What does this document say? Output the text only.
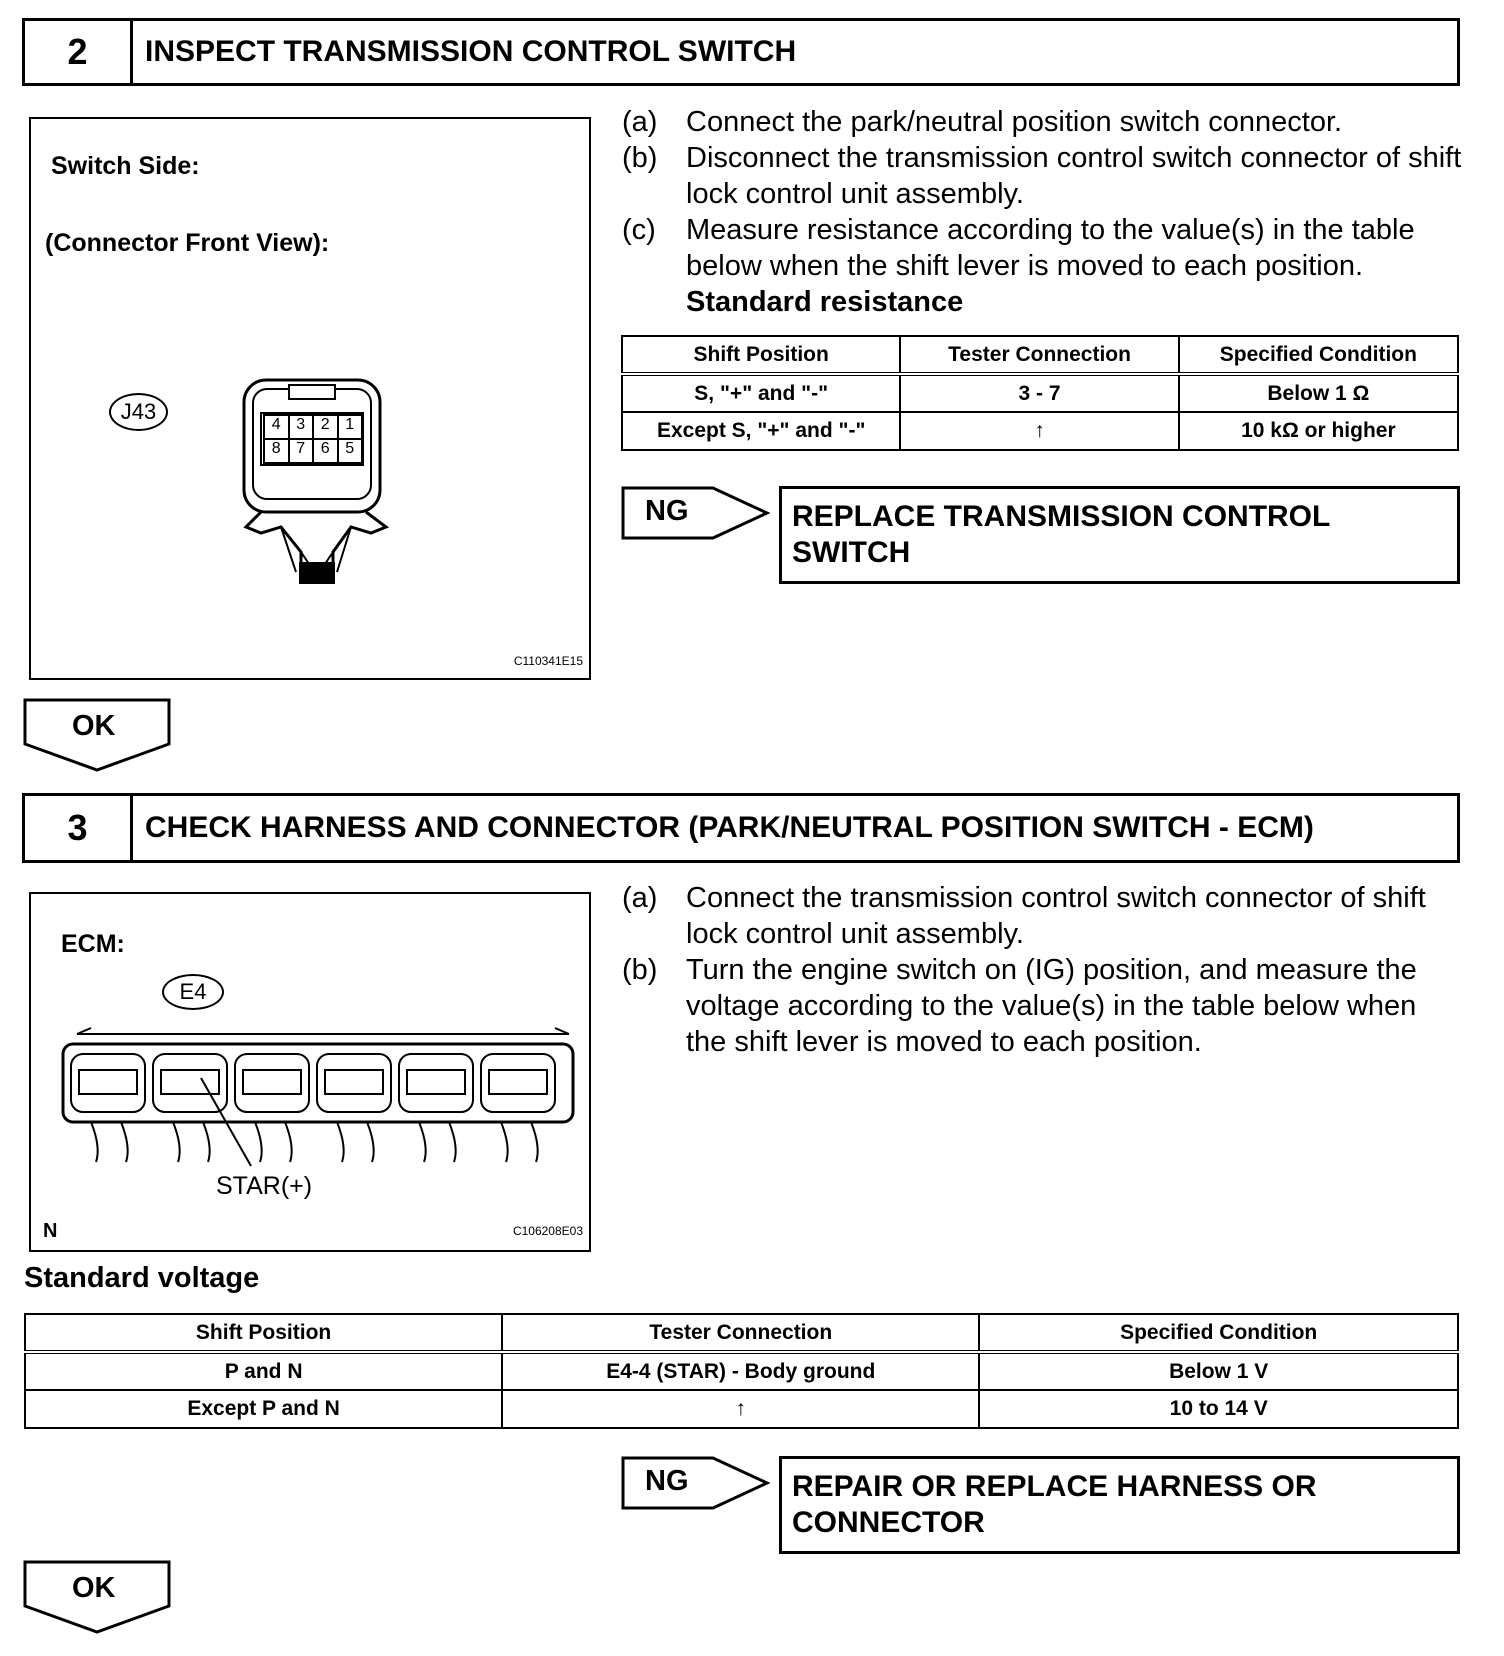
2	INSPECT TRANSMISSION CONTROL SWITCH
Switch Side:
(Connector Front View):
J43
4 3 2 1
8 7 6 5
C110341E15
(a) Connect the park/neutral position switch connector.
(b) Disconnect the transmission control switch connector of shift lock control unit assembly.
(c)	Measure resistance according to the value(s) in the table below when the shift lever is moved to each position.
Standard resistance
Shift Position	Tester Connection	Specified Condition
S, "+" and "-"	3 - 7	Below 1 Ω
Except S, "+" and "-"	↑	10 kΩ or higher
NG	REPLACE TRANSMISSION CONTROL SWITCH
OK
3	CHECK HARNESS AND CONNECTOR (PARK/NEUTRAL POSITION SWITCH - ECM)
ECM:
E4
STAR(+)
N	C106208E03
(a) Connect the transmission control switch connector of shift lock control unit assembly.
(b) Turn the engine switch on (IG) position, and measure the voltage according to the value(s) in the table below when the shift lever is moved to each position.
Standard voltage
Shift Position	Tester Connection	Specified Condition
P and N	E4-4 (STAR) - Body ground	Below 1 V
Except P and N	↑	10 to 14 V
NG	REPAIR OR REPLACE HARNESS OR CONNECTOR
OK
